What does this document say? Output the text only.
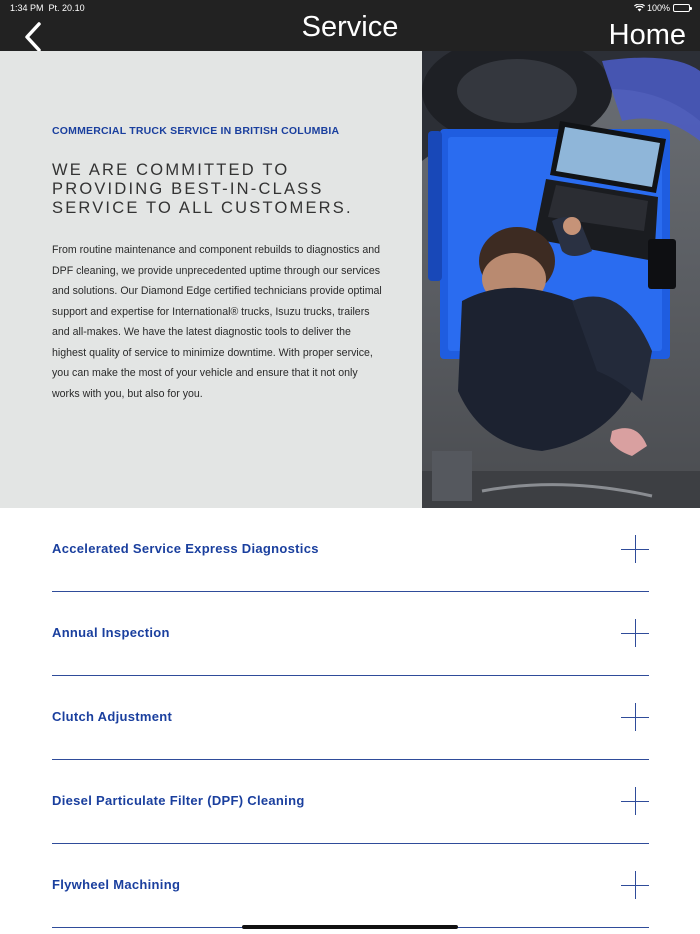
1:34 PM Pt. 20.10	100%
Service	Home
COMMERCIAL TRUCK SERVICE IN BRITISH COLUMBIA
WE ARE COMMITTED TO PROVIDING BEST-IN-CLASS SERVICE TO ALL CUSTOMERS.
From routine maintenance and component rebuilds to diagnostics and DPF cleaning, we provide unprecedented uptime through our services and solutions. Our Diamond Edge certified technicians provide optimal support and expertise for International® trucks, Isuzu trucks, trailers and all-makes. We have the latest diagnostic tools to deliver the highest quality of service to minimize downtime. With proper service, you can make the most of your vehicle and ensure that it not only works with you, but also for you.
Accelerated Service Express Diagnostics
Annual Inspection
Clutch Adjustment
Diesel Particulate Filter (DPF) Cleaning
Flywheel Machining
